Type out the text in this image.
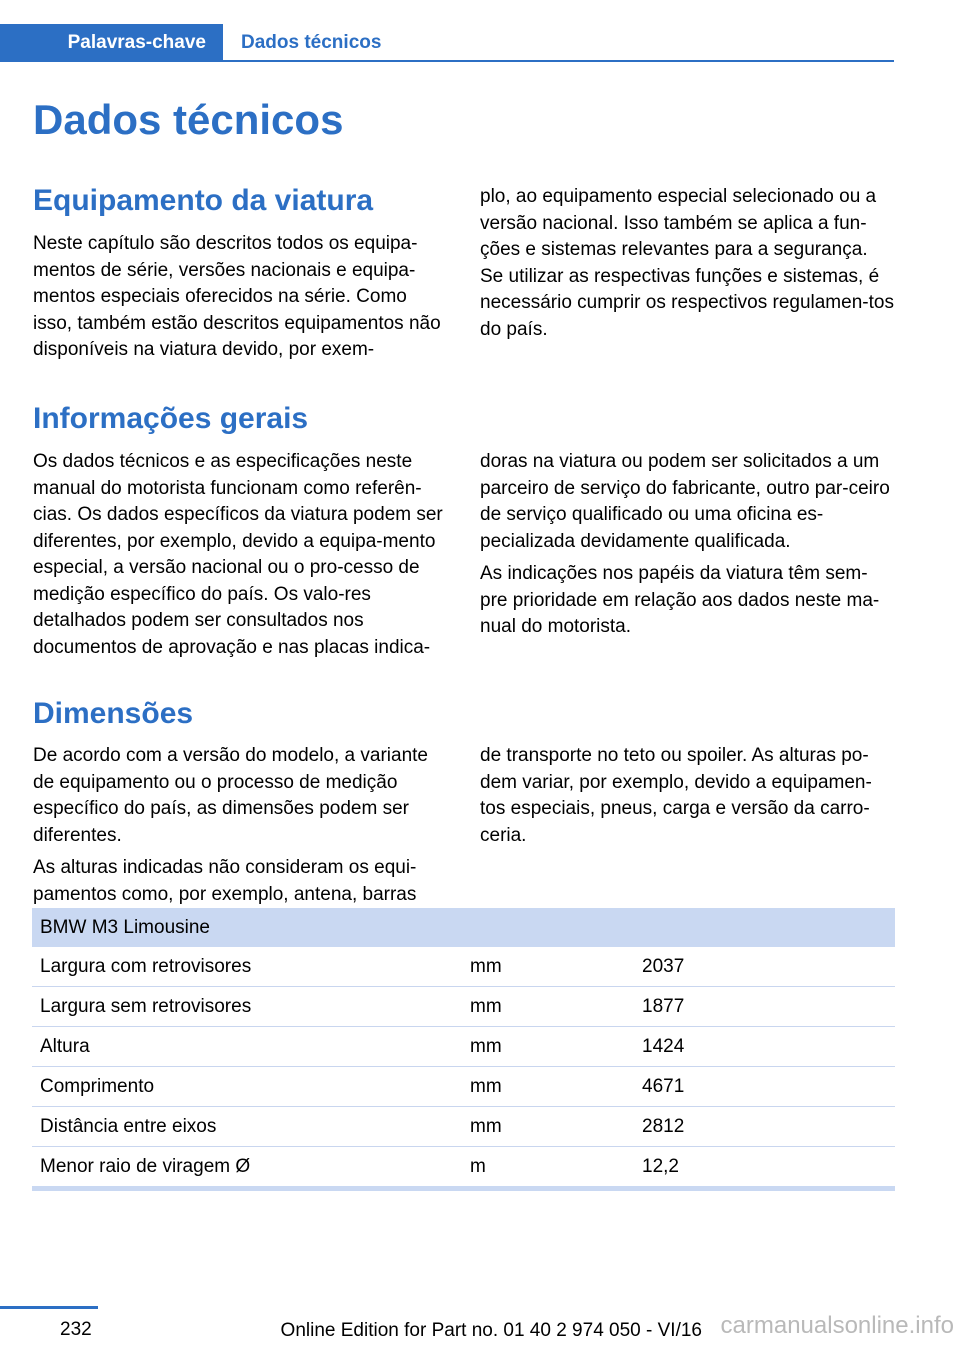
Palavras-chave	Dados técnicos
Dados técnicos
Equipamento da viatura

Neste capítulo são descritos todos os equipa-mentos de série, versões nacionais e equipa-mentos especiais oferecidos na série. Como isso, também estão descritos equipamentos não disponíveis na viatura devido, por exem-

plo, ao equipamento especial selecionado ou a versão nacional. Isso também se aplica a fun-ções e sistemas relevantes para a segurança. Se utilizar as respectivas funções e sistemas, é necessário cumprir os respectivos regulamen-tos do país.

Informações gerais

Os dados técnicos e as especificações neste manual do motorista funcionam como referên-cias. Os dados específicos da viatura podem ser diferentes, por exemplo, devido a equipa-mento especial, a versão nacional ou o pro-cesso de medição específico do país. Os valo-res detalhados podem ser consultados nos documentos de aprovação e nas placas indica-

doras na viatura ou podem ser solicitados a um parceiro de serviço do fabricante, outro par-ceiro de serviço qualificado ou uma oficina es-pecializada devidamente qualificada.

As indicações nos papéis da viatura têm sem-pre prioridade em relação aos dados neste ma-nual do motorista.

Dimensões

De acordo com a versão do modelo, a variante de equipamento ou o processo de medição específico do país, as dimensões podem ser diferentes.

As alturas indicadas não consideram os equi-pamentos como, por exemplo, antena, barras

de transporte no teto ou spoiler. As alturas po-dem variar, por exemplo, devido a equipamen-tos especiais, pneus, carga e versão da carro-ceria.

BMW M3 Limousine		
Largura com retrovisores	mm	2037
Largura sem retrovisores	mm	1877
Altura	mm	1424
Comprimento	mm	4671
Distância entre eixos	mm	2812
Menor raio de viragem Ø	m	12,2
232	Online Edition for Part no. 01 40 2 974 050 - VI/16 carmanualsonline.info
